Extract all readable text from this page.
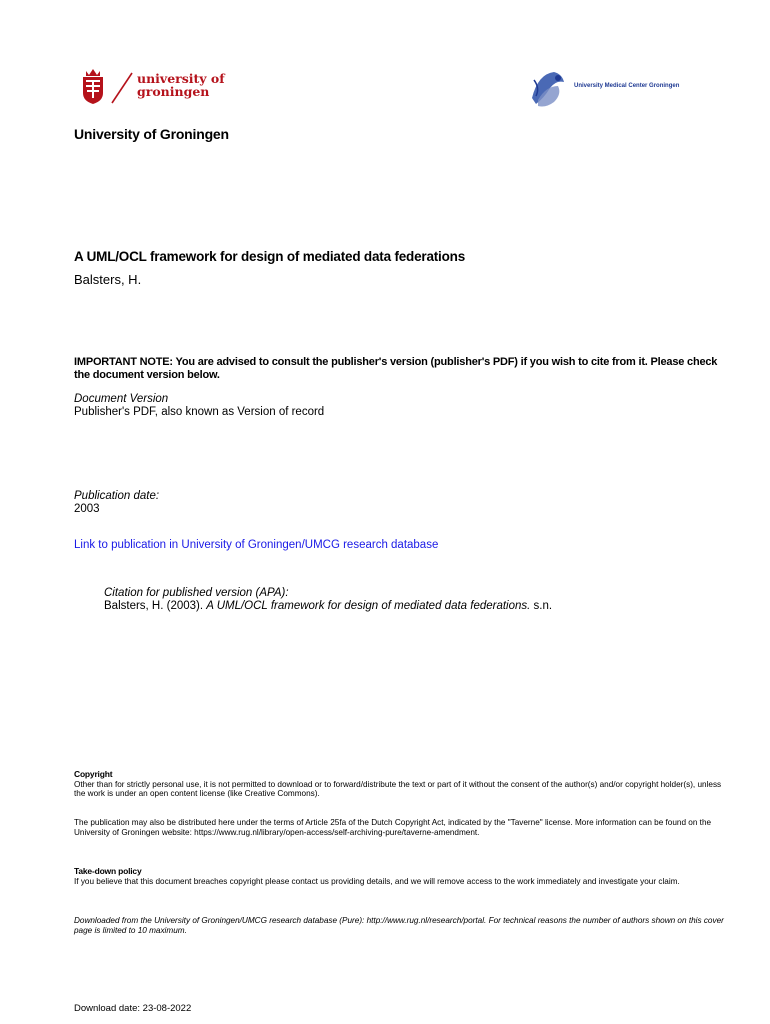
university of
groningen	University Medical Center Groningen
University of Groningen
A UML/OCL framework for design of mediated data federations
Balsters, H.
IMPORTANT NOTE: You are advised to consult the publisher's version (publisher's PDF) if you wish to cite from it. Please check the document version below.
Document Version
Publisher's PDF, also known as Version of record
Publication date:
2003
Link to publication in University of Groningen/UMCG research database
Citation for published version (APA):
Balsters, H. (2003). A UML/OCL framework for design of mediated data federations. s.n.
Copyright
Other than for strictly personal use, it is not permitted to download or to forward/distribute the text or part of it without the consent of the author(s) and/or copyright holder(s), unless the work is under an open content license (like Creative Commons).
The publication may also be distributed here under the terms of Article 25fa of the Dutch Copyright Act, indicated by the "Taverne" license. More information can be found on the University of Groningen website: https://www.rug.nl/library/open-access/self-archiving-pure/taverne-amendment.
Take-down policy
If you believe that this document breaches copyright please contact us providing details, and we will remove access to the work immediately and investigate your claim.
Downloaded from the University of Groningen/UMCG research database (Pure): http://www.rug.nl/research/portal. For technical reasons the number of authors shown on this cover page is limited to 10 maximum.
Download date: 23-08-2022
